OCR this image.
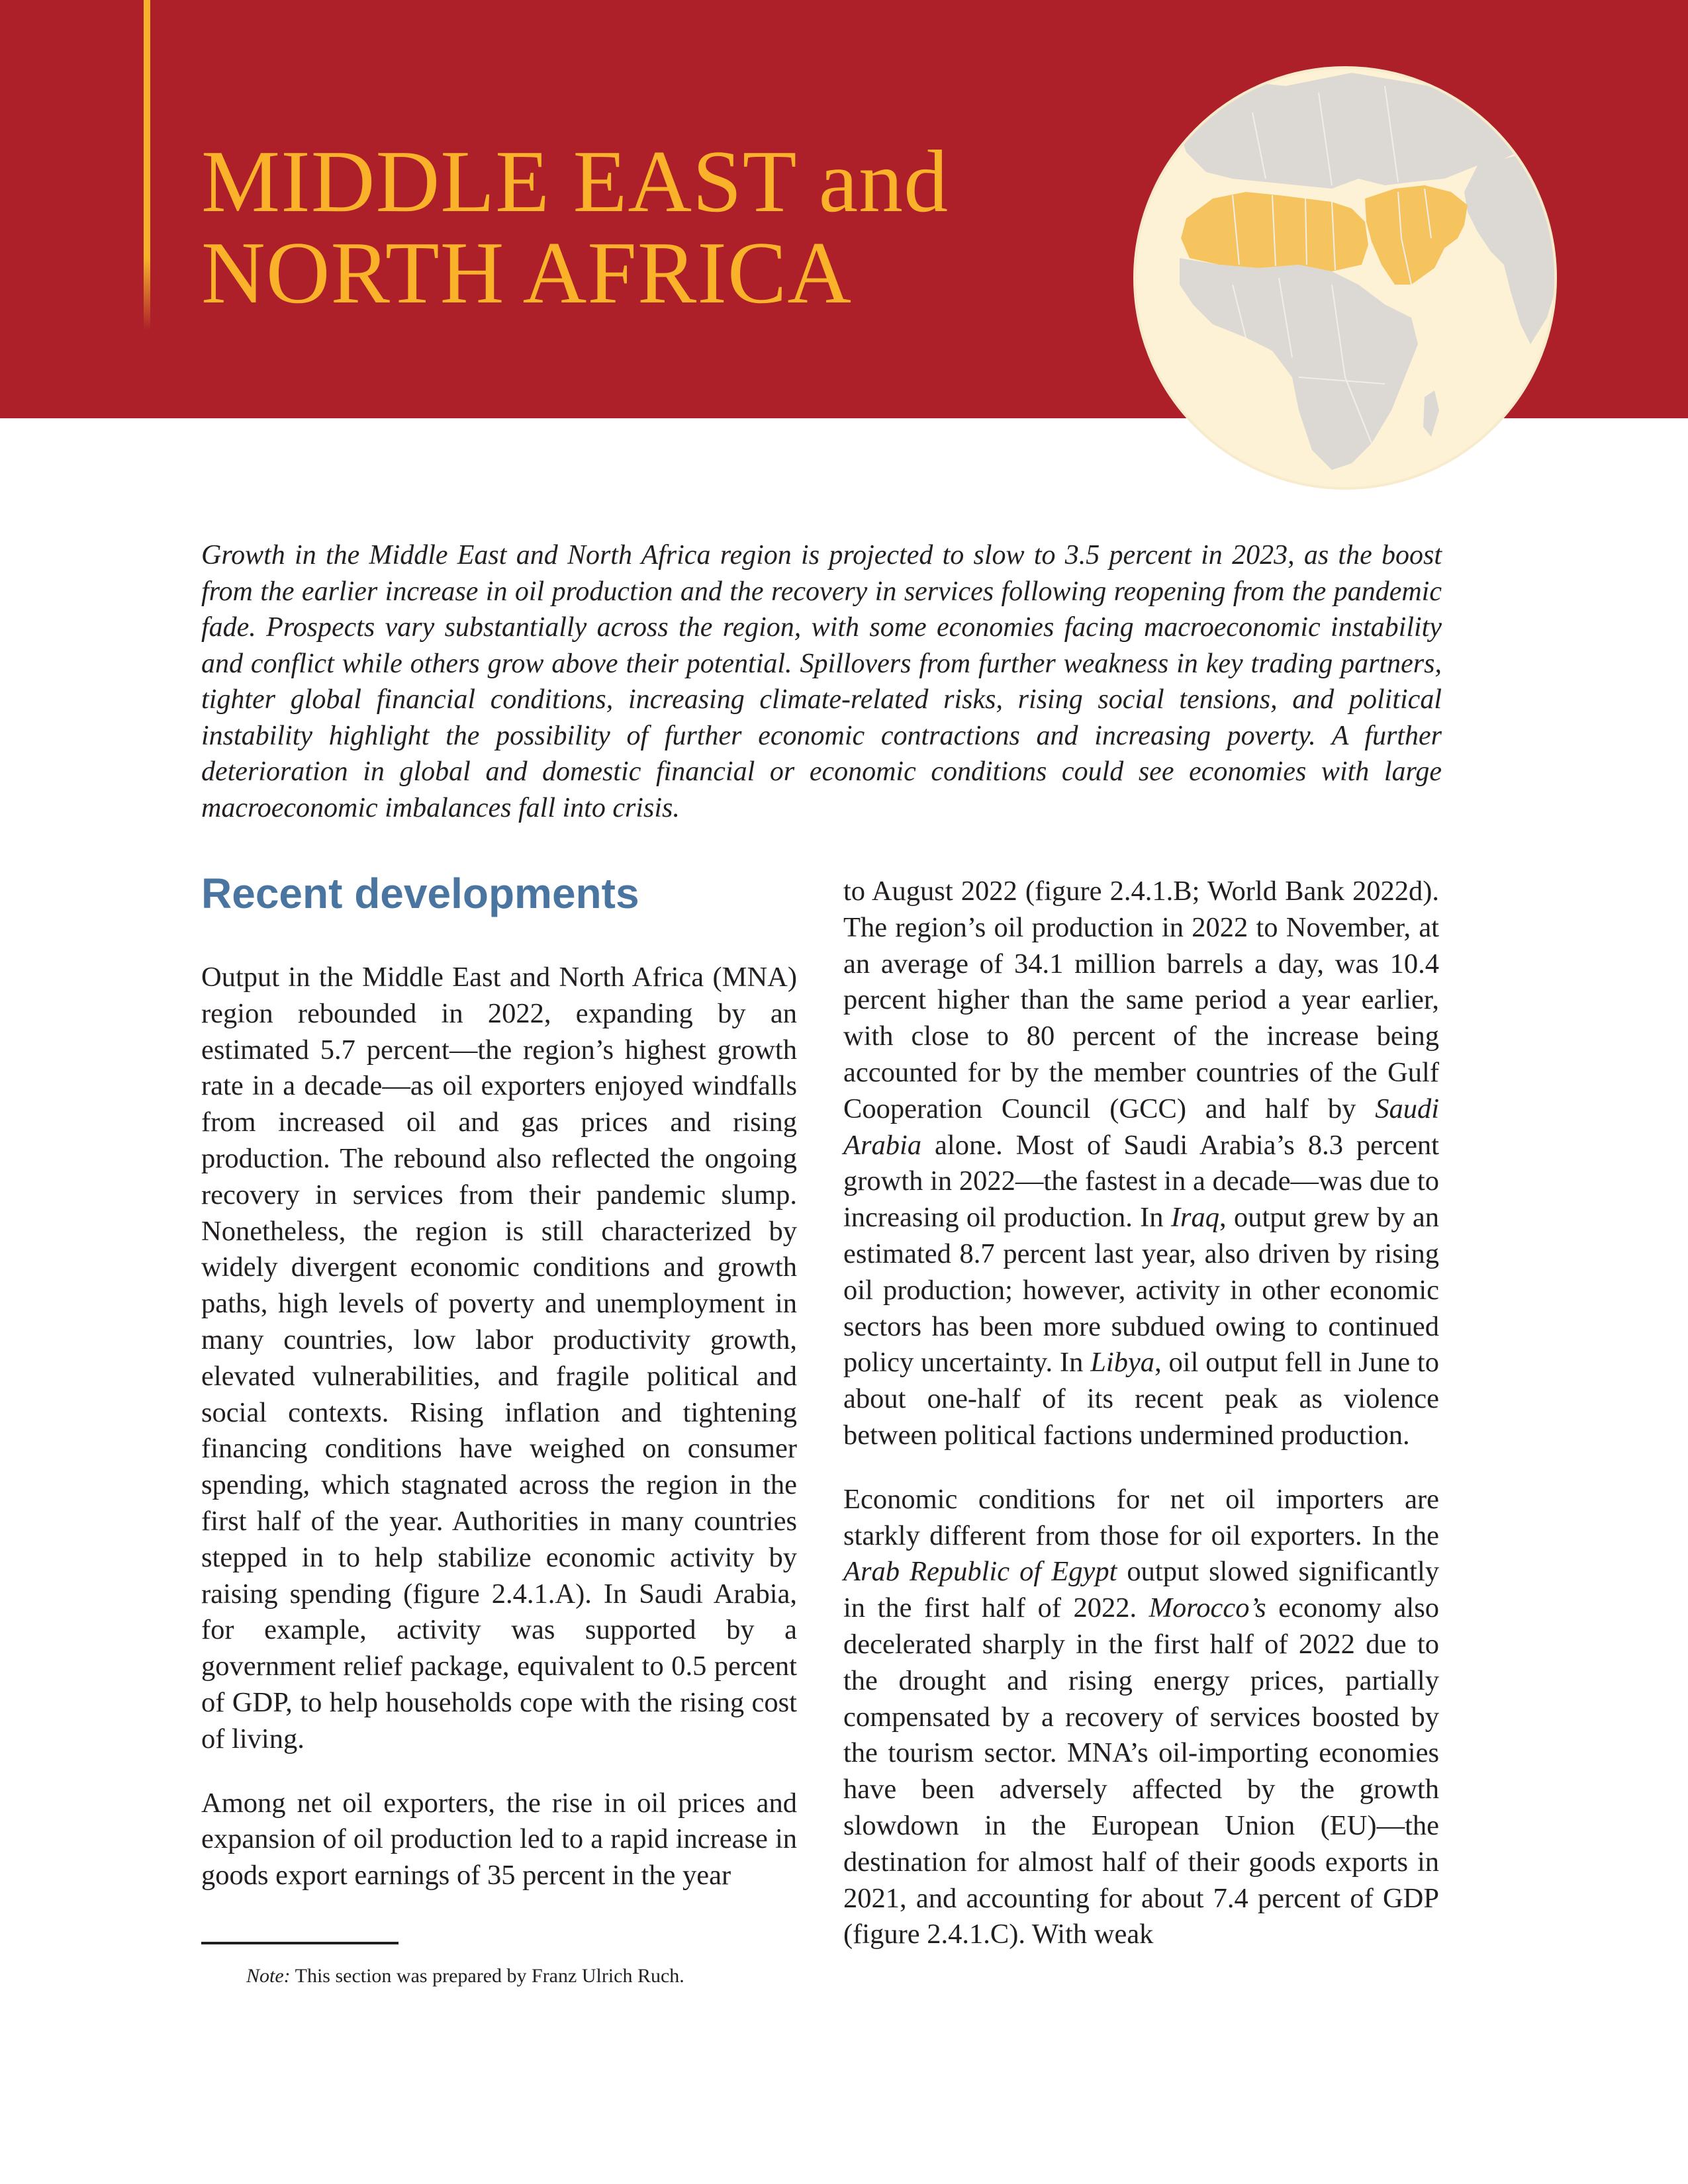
MIDDLE EAST and
NORTH AFRICA

Growth in the Middle East and North Africa region is projected to slow to 3.5 percent in 2023, as the boost from the earlier increase in oil production and the recovery in services following reopening from the pandemic fade. Prospects vary substantially across the region, with some economies facing macroeconomic instability and conflict while others grow above their potential. Spillovers from further weakness in key trading partners, tighter global financial conditions, increasing climate-related risks, rising social tensions, and political instability highlight the possibility of further economic contractions and increasing poverty. A further deterioration in global and domestic financial or economic conditions could see economies with large macroeconomic imbalances fall into crisis.

Recent developments

Output in the Middle East and North Africa (MNA) region rebounded in 2022, expanding by an estimated 5.7 percent—the region’s highest growth rate in a decade—as oil exporters enjoyed windfalls from increased oil and gas prices and rising production. The rebound also reflected the ongoing recovery in services from their pandemic slump. Nonetheless, the region is still characterized by widely divergent economic conditions and growth paths, high levels of poverty and unemployment in many countries, low labor productivity growth, elevated vulnerabilities, and fragile political and social contexts. Rising inflation and tightening financing conditions have weighed on consumer spending, which stagnated across the region in the first half of the year. Authorities in many countries stepped in to help stabilize economic activity by raising spending (figure 2.4.1.A). In Saudi Arabia, for example, activity was supported by a government relief package, equivalent to 0.5 percent of GDP, to help households cope with the rising cost of living.

Among net oil exporters, the rise in oil prices and expansion of oil production led to a rapid increase in goods export earnings of 35 percent in the year

to August 2022 (figure 2.4.1.B; World Bank 2022d). The region’s oil production in 2022 to November, at an average of 34.1 million barrels a day, was 10.4 percent higher than the same period a year earlier, with close to 80 percent of the increase being accounted for by the member countries of the Gulf Cooperation Council (GCC) and half by Saudi Arabia alone. Most of Saudi Arabia’s 8.3 percent growth in 2022—the fastest in a decade—was due to increasing oil production. In Iraq, output grew by an estimated 8.7 percent last year, also driven by rising oil production; however, activity in other economic sectors has been more subdued owing to continued policy uncertainty. In Libya, oil output fell in June to about one-half of its recent peak as violence between political factions undermined production.

Economic conditions for net oil importers are starkly different from those for oil exporters. In the Arab Republic of Egypt output slowed significantly in the first half of 2022. Morocco’s economy also decelerated sharply in the first half of 2022 due to the drought and rising energy prices, partially compensated by a recovery of services boosted by the tourism sector. MNA’s oil-importing economies have been adversely affected by the growth slowdown in the European Union (EU)—the destination for almost half of their goods exports in 2021, and accounting for about 7.4 percent of GDP (figure 2.4.1.C). With weak

Note: This section was prepared by Franz Ulrich Ruch.
